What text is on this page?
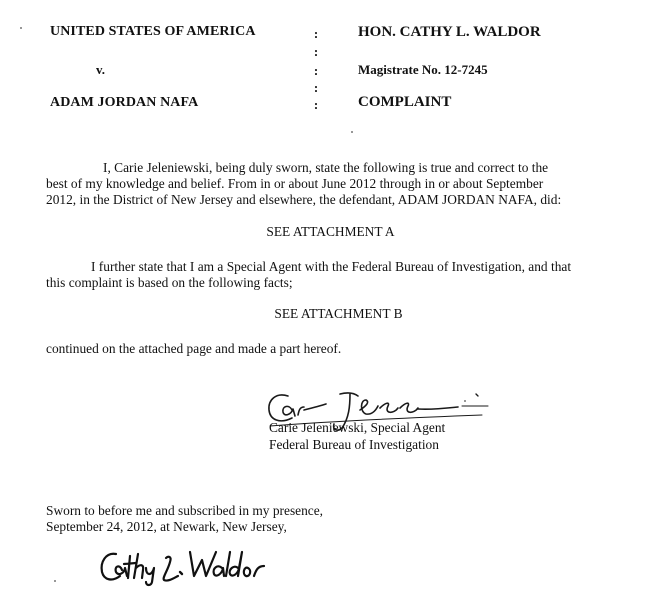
UNITED STATES OF AMERICA
v.
ADAM JORDAN NAFA
:
:
:
:
:
HON. CATHY L. WALDOR
Magistrate No. 12-7245
COMPLAINT
I, Carie Jeleniewski, being duly sworn, state the following is true and correct to the
best of my knowledge and belief. From in or about June 2012 through in or about September
2012, in the District of New Jersey and elsewhere, the defendant, ADAM JORDAN NAFA, did:
SEE ATTACHMENT A
I further state that I am a Special Agent with the Federal Bureau of Investigation, and that
this complaint is based on the following facts;
SEE ATTACHMENT B
continued on the attached page and made a part hereof.
Carie Jeleniewski, Special Agent
Federal Bureau of Investigation
Sworn to before me and subscribed in my presence,
September 24, 2012, at Newark, New Jersey,
